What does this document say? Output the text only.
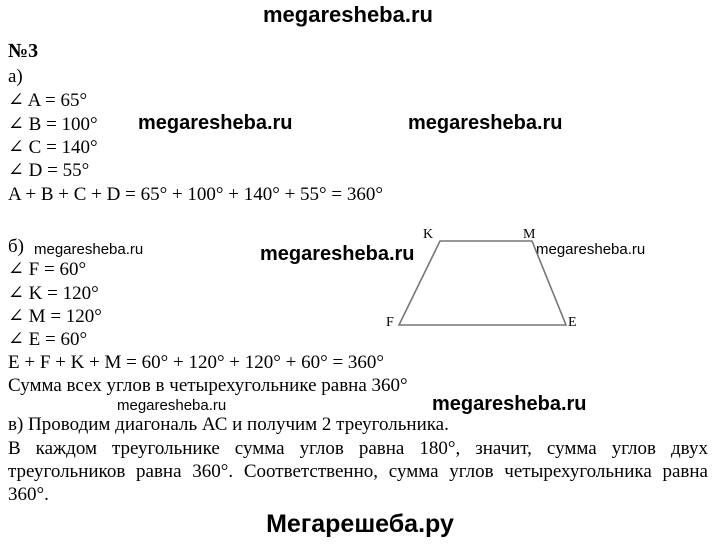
megaresheba.ru
megaresheba.ru	megaresheba.ru
megaresheba.ru	megaresheba.ru	megaresheba.ru
megaresheba.ru	megaresheba.ru
№3
а)
∠ A = 65°
∠ B = 100°
∠ C = 140°
∠ D = 55°
A + B + C + D = 65° + 100° + 140° + 55° = 360°
б)
∠ F = 60°
∠ K = 120°
∠ M = 120°
∠ E = 60°
E + F + K + M = 60° + 120° + 120° + 60° = 360°
Сумма всех углов в четырехугольнике равна 360°
в) Проводим диагональ АС и получим 2 треугольника.
В каждом треугольнике сумма углов равна 180°, значит, сумма углов двух треугольников равна 360°. Соответственно, сумма углов четырехугольника равна 360°.
K	M
F	E
Мегарешеба.ру
